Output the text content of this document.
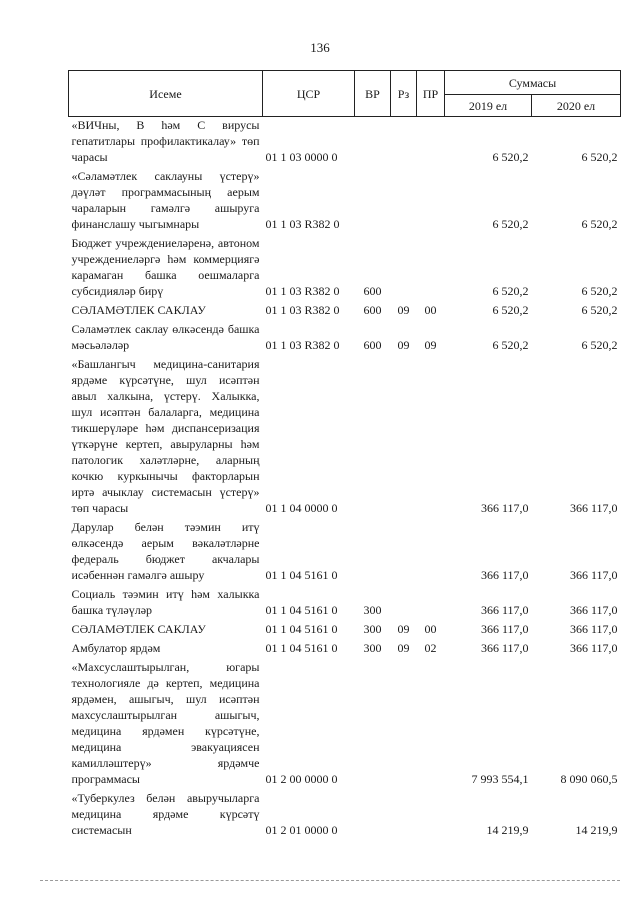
136
Исеме	ЦСР	ВР	Рз	ПР	Суммасы	
					2019 ел	2020 ел
«ВИЧны, В һәм С вирусы гепатитлары профилактикалау» төп чарасы	01 1 03 0000 0				6 520,2	6 520,2
«Сәламәтлек саклауны үстерү» дәүләт программасының аерым чараларын гамәлгә ашыруга финанслашу чыгымнары	01 1 03 R382 0				6 520,2	6 520,2
Бюджет учреждениеләренә, автоном учреждениеләргә һәм коммерциягә карамаган башка оешмаларга субсидияләр бирү	01 1 03 R382 0	600			6 520,2	6 520,2
СӘЛАМӘТЛЕК САКЛАУ	01 1 03 R382 0	600	09	00	6 520,2	6 520,2
Сәламәтлек саклау өлкәсендә башка мәсьәләләр	01 1 03 R382 0	600	09	09	6 520,2	6 520,2
«Башлангыч медицина-санитария ярдәме күрсәтүне, шул исәптән авыл халкына, үстерү. Халыкка, шул исәптән балаларга, медицина тикшерүләре һәм диспансеризация үткәрүне кертеп, авыруларны һәм патологик халәтләрне, аларның кочкю куркынычы факторларын иртә ачыклау системасын үстерү» төп чарасы	01 1 04 0000 0				366 117,0	366 117,0
Дарулар белән тәэмин итү өлкәсендә аерым вәкаләтләрне федераль бюджет акчалары исәбеннән гамәлгә ашыру	01 1 04 5161 0				366 117,0	366 117,0
Социаль тәэмин итү һәм халыкка башка түләүләр	01 1 04 5161 0	300			366 117,0	366 117,0
СӘЛАМӘТЛЕК САКЛАУ	01 1 04 5161 0	300	09	00	366 117,0	366 117,0
Амбулатор ярдәм	01 1 04 5161 0	300	09	02	366 117,0	366 117,0
«Махсуслаштырылган, югары технологияле дә кертеп, медицина ярдәмен, ашыгыч, шул исәптән махсуслаштырылган ашыгыч, медицина ярдәмен күрсәтүне, медицина эвакуациясен камилләштерү» ярдәмче программасы	01 2 00 0000 0				7 993 554,1	8 090 060,5
«Туберкулез белән авыручыларга медицина ярдәме күрсәтү системасын	01 2 01 0000 0				14 219,9	14 219,9
